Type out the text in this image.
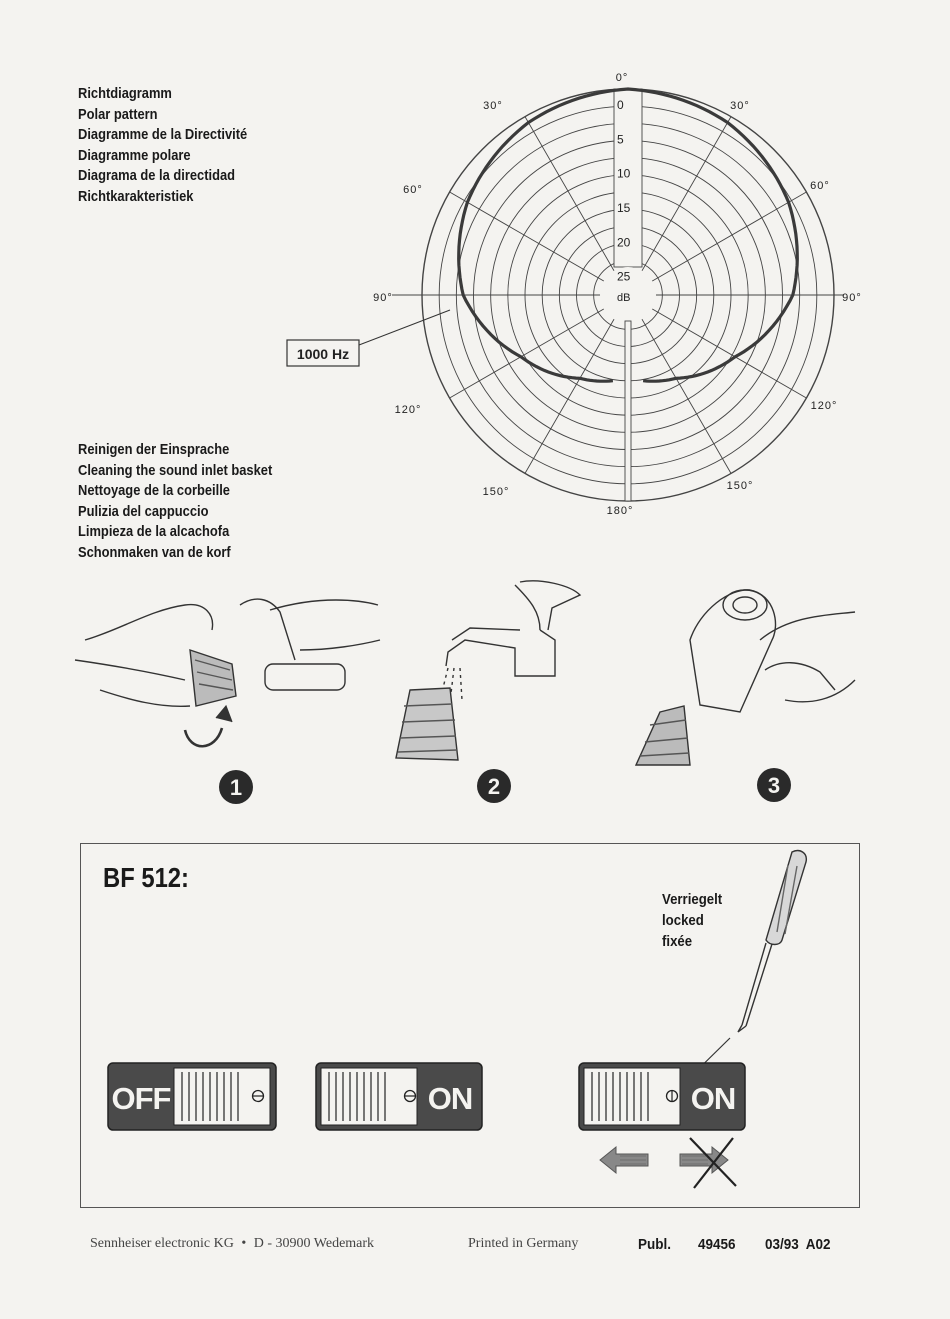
Richtdiagramm
Polar pattern
Diagramme de la Directivité
Diagramme polare
Diagrama de la directidad
Richtkarakteristiek
0
5
10
15
20
25
dB
0°
30°	30°
60°	60°
90°	90°
120°	120°
150°	150°
180°
1000 Hz
Reinigen der Einsprache
Cleaning the sound inlet basket
Nettoyage de la corbeille
Pulizia del cappuccio
Limpieza de la alcachofa
Schonmaken van de korf
1	2	3
BF 512:
Verriegelt
locked
fixée
OFF	ON	ON
Sennheiser electronic KG • D - 30900 Wedemark	Printed in Germany	Publ. 49456 03/93  A02
